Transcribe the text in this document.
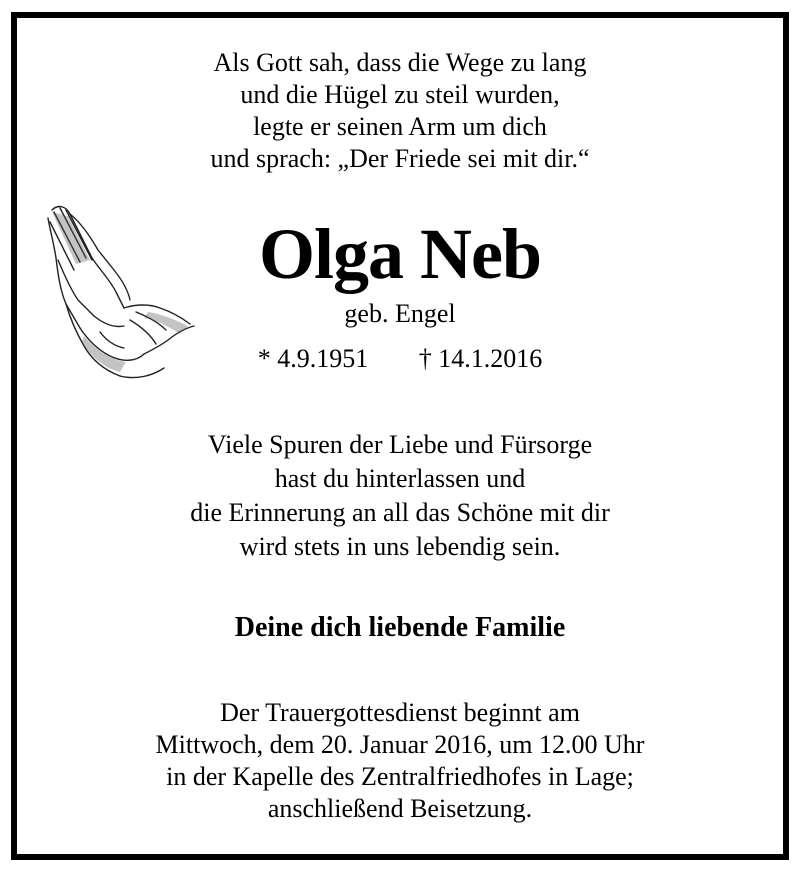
Als Gott sah, dass die Wege zu lang
und die Hügel zu steil wurden,
legte er seinen Arm um dich
und sprach: „Der Friede sei mit dir.“
Olga Neb
geb. Engel
* 4.9.1951 † 14.1.2016
Viele Spuren der Liebe und Fürsorge
hast du hinterlassen und
die Erinnerung an all das Schöne mit dir
wird stets in uns lebendig sein.
Deine dich liebende Familie
Der Trauergottesdienst beginnt am
Mittwoch, dem 20. Januar 2016, um 12.00 Uhr
in der Kapelle des Zentralfriedhofes in Lage;
anschließend Beisetzung.
